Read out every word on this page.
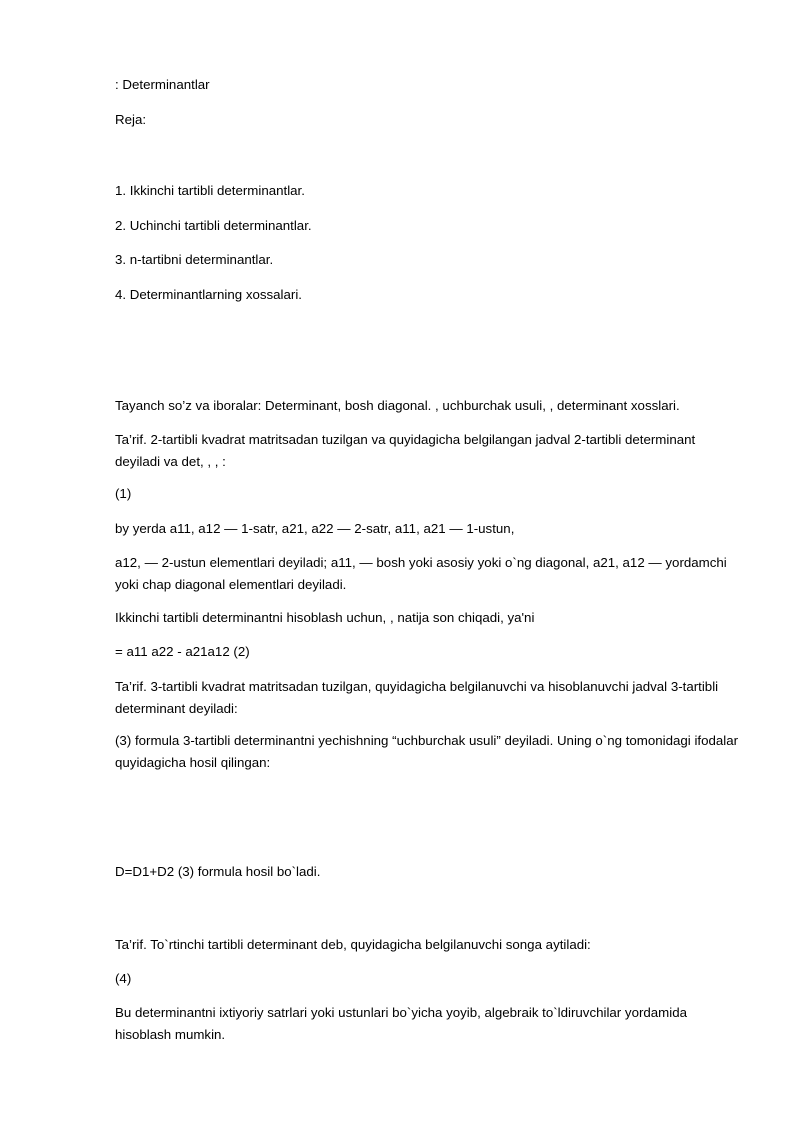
: Determinantlar

Reja:

1. Ikkinchi tartibli determinantlar.

2. Uchinchi tartibli determinantlar.

3. n-tartibni determinantlar.

4. Determinantlarning xossalari.

Tayanch so’z va iboralar: Determinant, bosh diagonal. , uchburchak usuli, , determinant xosslari.

Ta’rif. 2-tartibli kvadrat matritsadan tuzilgan va quyidagicha belgilangan jadval 2-tartibli determinant deyiladi va det, , , :

(1)

by yerda a11, a12 — 1-satr, a21, a22 — 2-satr, a11, a21 — 1-ustun,

a12, — 2-ustun elementlari deyiladi; a11, — bosh yoki asosiy yoki o`ng diagonal, a21, a12 — yordamchi yoki chap diagonal elementlari deyiladi.

Ikkinchi tartibli determinantni hisoblash uchun, , natija son chiqadi, ya'ni

= a11 a22 - a21a12 (2)

Ta’rif. 3-tartibli kvadrat matritsadan tuzilgan, quyidagicha belgilanuvchi va hisoblanuvchi jadval 3-tartibli determinant deyiladi:

(3) formula 3-tartibli determinantni yechishning “uchburchak usuli” deyiladi. Uning o`ng tomonidagi ifodalar quyidagicha hosil qilingan:

D=D1+D2 (3) formula hosil bo`ladi.

Ta’rif. To`rtinchi tartibli determinant deb, quyidagicha belgilanuvchi songa aytiladi:

(4)

Bu determinantni ixtiyoriy satrlari yoki ustunlari bo`yicha yoyib, algebraik to`ldiruvchilar yordamida hisoblash mumkin.
